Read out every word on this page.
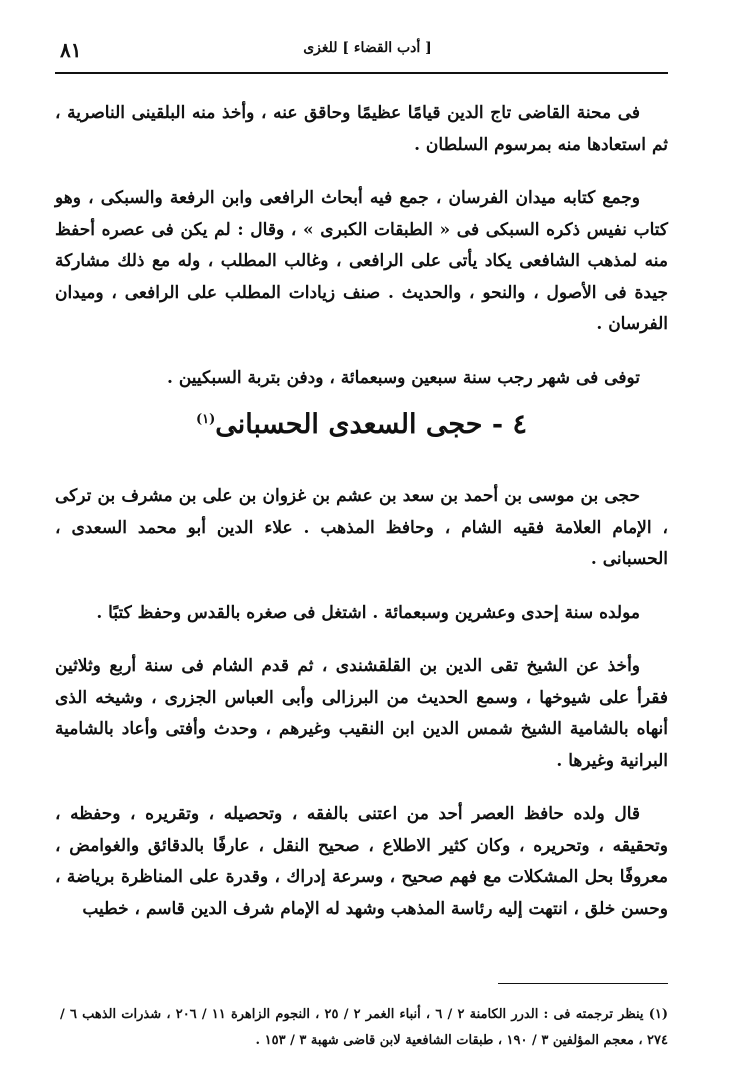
[ أدب القضاء ] للغزى
٨١

فى محنة القاضى تاج الدين قيامًا عظيمًا وحاقق عنه ، وأخذ منه البلقينى الناصرية ، ثم استعادها منه بمرسوم السلطان .

وجمع كتابه ميدان الفرسان ، جمع فيه أبحاث الرافعى وابن الرفعة والسبكى ، وهو كتاب نفيس ذكره السبكى فى « الطبقات الكبرى » ، وقال : لم يكن فى عصره أحفظ منه لمذهب الشافعى يكاد يأتى على الرافعى ، وغالب المطلب ، وله مع ذلك مشاركة جيدة فى الأصول ، والنحو ، والحديث . صنف زيادات المطلب على الرافعى ، وميدان الفرسان .

توفى فى شهر رجب سنة سبعين وسبعمائة ، ودفن بتربة السبكيين .

٤ - حجى السعدى الحسبانى$^{(١)}$

حجى بن موسى بن أحمد بن سعد بن عشم بن غزوان بن على بن مشرف بن تركى ، الإمام العلامة فقيه الشام ، وحافظ المذهب . علاء الدين أبو محمد السعدى ، الحسبانى .

مولده سنة إحدى وعشرين وسبعمائة . اشتغل فى صغره بالقدس وحفظ كتبًا .

وأخذ عن الشيخ تقى الدين بن القلقشندى ، ثم قدم الشام فى سنة أربع وثلاثين فقرأ على شيوخها ، وسمع الحديث من البرزالى وأبى العباس الجزرى ، وشيخه الذى أنهاه بالشامية الشيخ شمس الدين ابن النقيب وغيرهم ، وحدث وأفتى وأعاد بالشامية البرانية وغيرها .

قال ولده حافظ العصر أحد من اعتنى بالفقه ، وتحصيله ، وتقريره ، وحفظه ، وتحقيقه ، وتحريره ، وكان كثير الاطلاع ، صحيح النقل ، عارفًا بالدقائق والغوامض ، معروفًا بحل المشكلات مع فهم صحيح ، وسرعة إدراك ، وقدرة على المناظرة برياضة ، وحسن خلق ، انتهت إليه رئاسة المذهب وشهد له الإمام شرف الدين قاسم ، خطيب

(١) ينظر ترجمته فى : الدرر الكامنة ٢ / ٦ ، أنباء الغمر ٢ / ٢٥ ، النجوم الزاهرة ١١ / ٢٠٦ ، شذرات الذهب ٦ / ٢٧٤ ، معجم المؤلفين ٣ / ١٩٠ ، طبقات الشافعية لابن قاضى شهبة ٣ / ١٥٣ .
